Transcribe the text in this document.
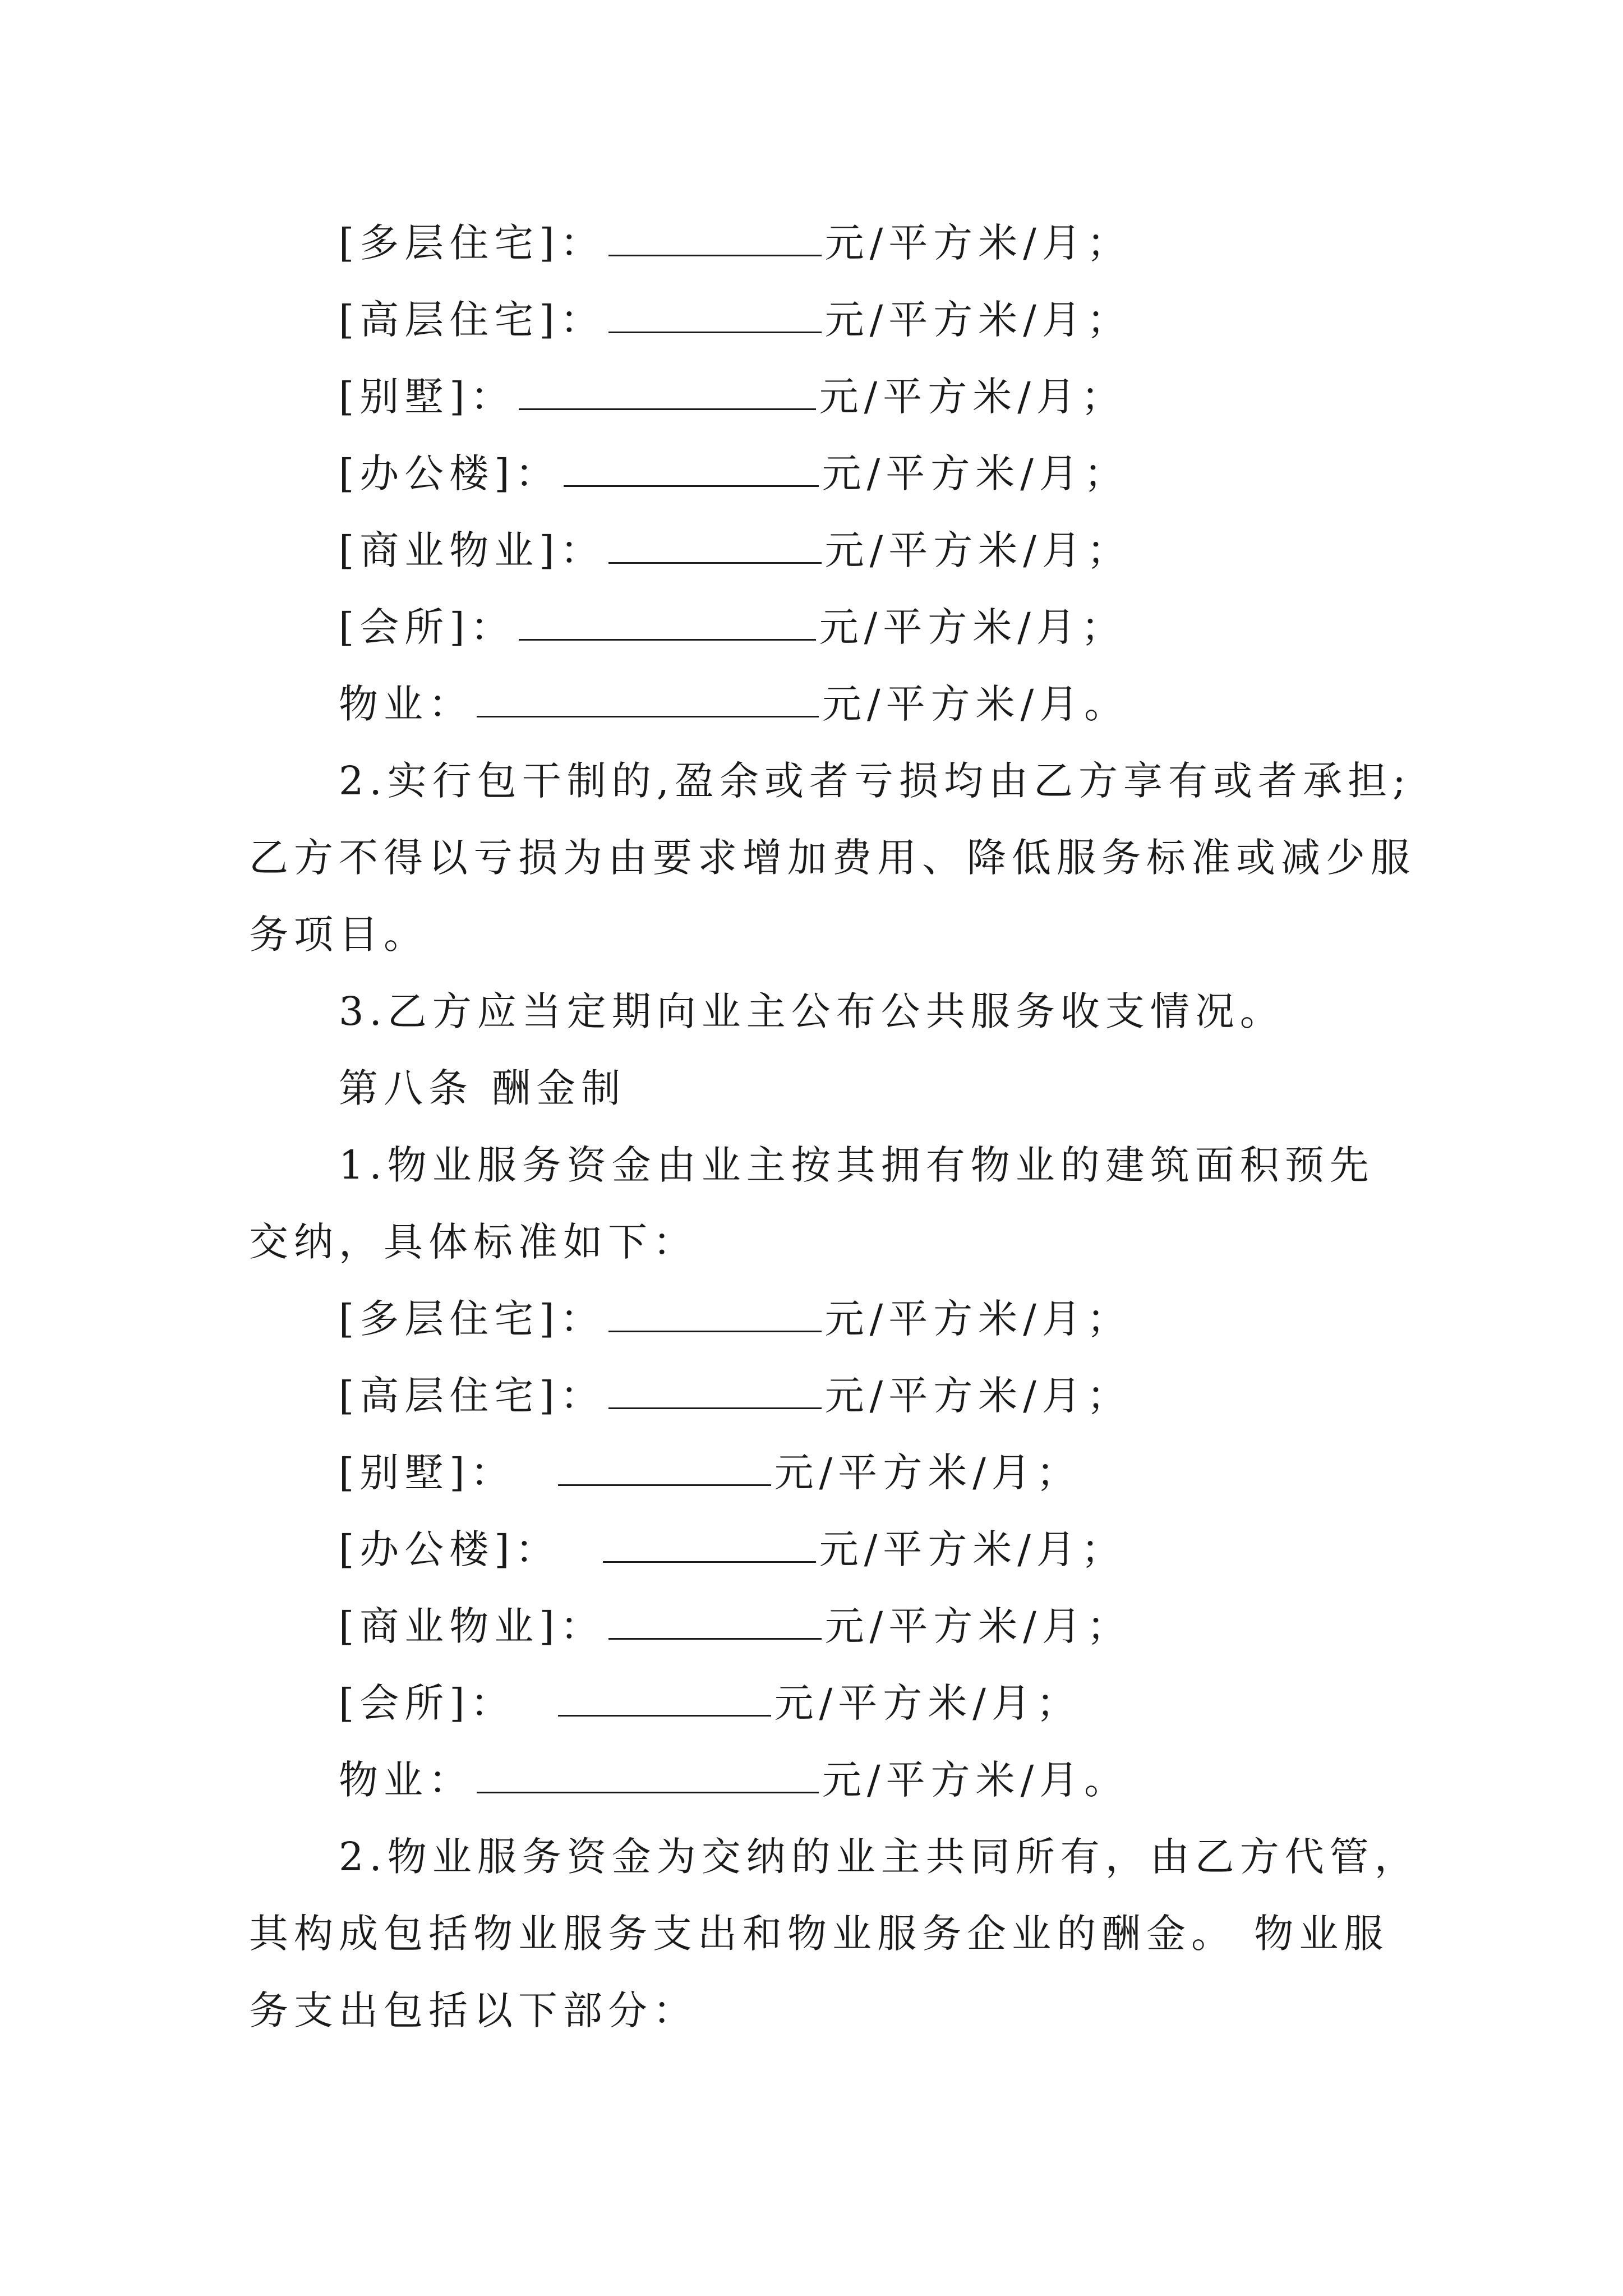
[多层住宅]：	元/平方米/月；
[高层住宅]：	元/平方米/月；
[别墅]：	元/平方米/月；
[办公楼]：	元/平方米/月；
[商业物业]：	元/平方米/月；
[会所]：	元/平方米/月；
物业：	元/平方米/月。
2.实行包干制的,盈余或者亏损均由乙方享有或者承担;
乙方不得以亏损为由要求增加费用、降低服务标准或减少服
务项目。
3.乙方应当定期向业主公布公共服务收支情况。
第八条 酬金制
1.物业服务资金由业主按其拥有物业的建筑面积预先
交纳，具体标准如下：
[多层住宅]：	元/平方米/月；
[高层住宅]：	元/平方米/月；
[别墅]：	元/平方米/月；
[办公楼]：	元/平方米/月；
[商业物业]：	元/平方米/月；
[会所]：	元/平方米/月；
物业：	元/平方米/月。
2.物业服务资金为交纳的业主共同所有，由乙方代管，
其构成包括物业服务支出和物业服务企业的酬金。 物业服
务支出包括以下部分：
